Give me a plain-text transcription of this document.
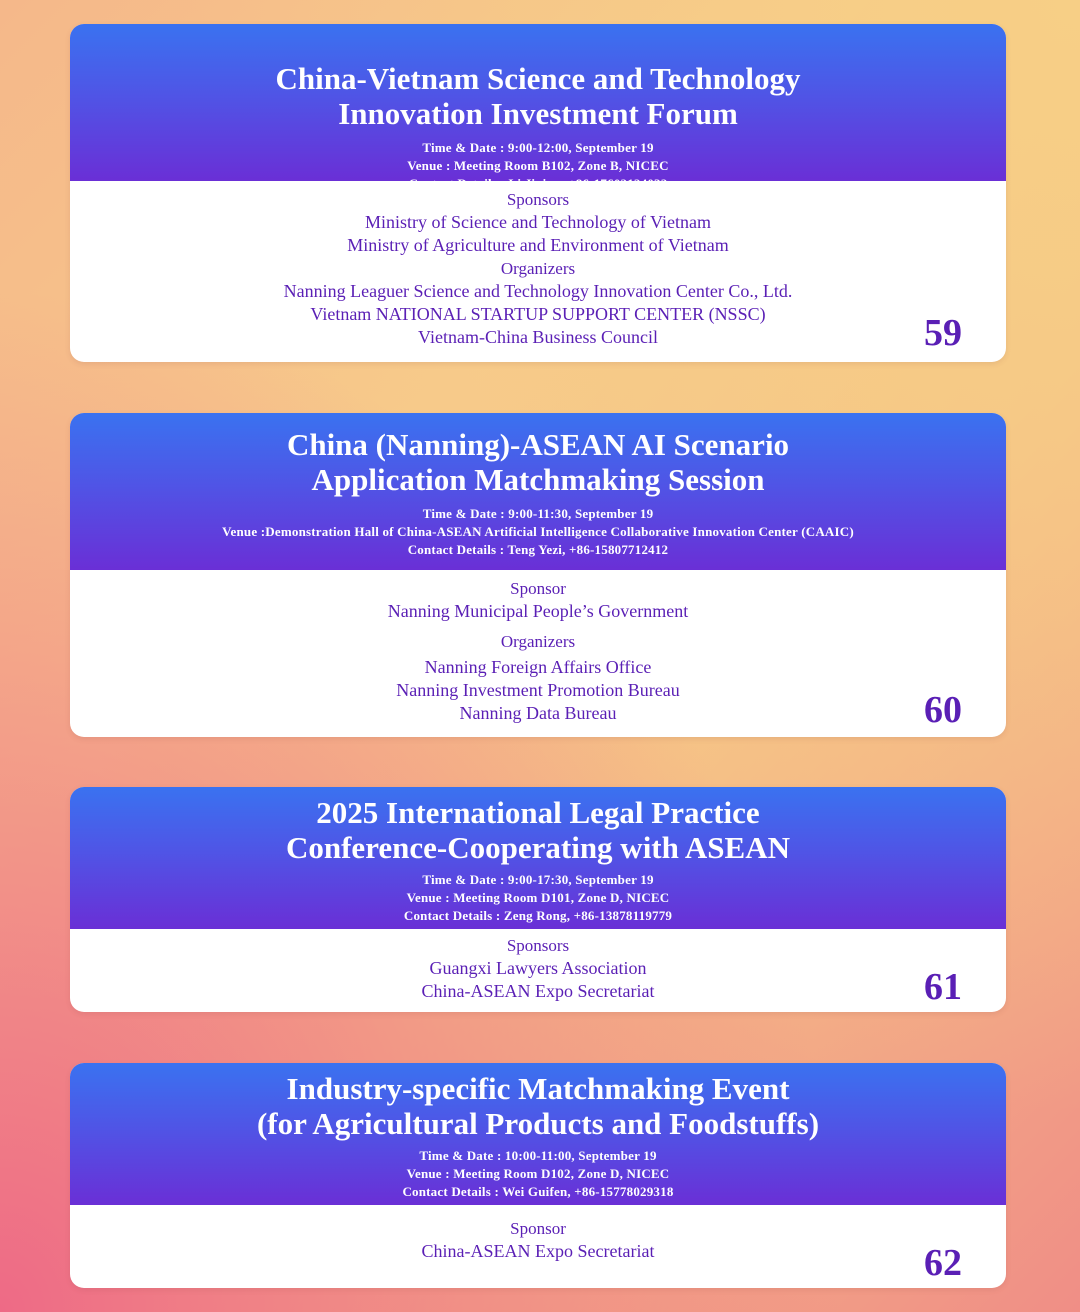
China-Vietnam Science and Technology
Innovation Investment Forum
Time & Date : 9:00-12:00, September 19
Venue : Meeting Room B102, Zone B, NICEC
Contact Details : Li Jiajun, +86-17602124032
Sponsors
Ministry of Science and Technology of Vietnam
Ministry of Agriculture and Environment of Vietnam
Organizers
Nanning Leaguer Science and Technology Innovation Center Co., Ltd.
Vietnam NATIONAL STARTUP SUPPORT CENTER (NSSC)
Vietnam-China Business Council	59
China (Nanning)-ASEAN AI Scenario
Application Matchmaking Session
Time & Date : 9:00-11:30, September 19
Venue :Demonstration Hall of China-ASEAN Artificial Intelligence Collaborative Innovation Center (CAAIC)
Contact Details : Teng Yezi, +86-15807712412
Sponsor
Nanning Municipal People’s Government
Organizers
Nanning Foreign Affairs Office
Nanning Investment Promotion Bureau
Nanning Data Bureau	60
2025 International Legal Practice
Conference-Cooperating with ASEAN
Time & Date : 9:00-17:30, September 19
Venue : Meeting Room D101, Zone D, NICEC
Contact Details : Zeng Rong, +86-13878119779
Sponsors
Guangxi Lawyers Association
China-ASEAN Expo Secretariat	61
Industry-specific Matchmaking Event
(for Agricultural Products and Foodstuffs)
Time & Date : 10:00-11:00, September 19
Venue : Meeting Room D102, Zone D, NICEC
Contact Details : Wei Guifen, +86-15778029318
Sponsor
China-ASEAN Expo Secretariat	62
